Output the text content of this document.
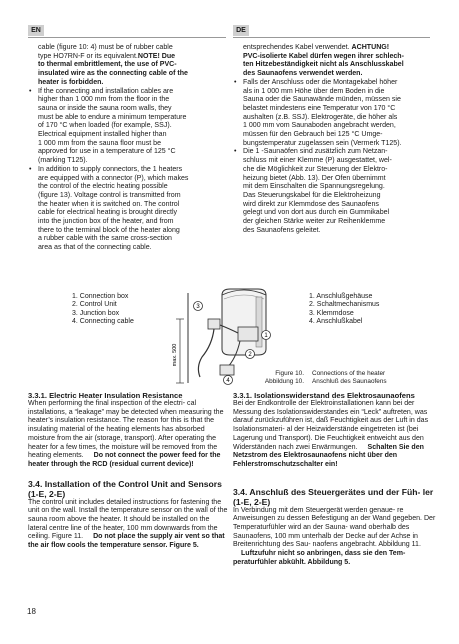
EN	DE

cable (figure 10: 4) must be of rubber cable
type HO7RN-F or its equivalent.NOTE! Due
to thermal embrittlement, the use of PVC-
insulated wire as the connecting cable of the
heater is forbidden.

• If the connecting and installation cables are
higher than 1 000 mm from the floor in the
sauna or inside the sauna room walls, they
must be able to endure a minimum temperature
of 170 °C when loaded (for example, SSJ).
Electrical equipment installed higher than
1 000 mm from the sauna floor must be
approved for use in a temperature of 125 °C
(marking T125).
• In addition to supply connectors, the 1 heaters
are equipped with a connector (P), which makes
the control of the electric heating possible
(figure 13). Voltage control is transmitted from
the heater when it is switched on. The control
cable for electrical heating is brought directly
into the junction box of the heater, and from
there to the terminal block of the heater along
a rubber cable with the same cross-section
area as that of the connecting cable.

entsprechendes Kabel verwendet. ACHTUNG!
PVC-isolierte Kabel dürfen wegen ihrer schlech-
ten Hitzebeständigkeit nicht als Anschlusskabel
des Saunaofens verwendet werden.

• Falls der Anschluss oder die Montagekabel höher
als in 1 000 mm Höhe über dem Boden in die
Sauna oder die Saunawände münden, müssen sie
belastet mindestens eine Temperatur von 170 °C
aushalten (z.B. SSJ). Elektrogeräte, die höher als
1 000 mm vom Saunaboden angebracht werden,
müssen für den Gebrauch bei 125 °C Umge-
bungstemperatur zugelassen sein (Vermerk T125).
• Die 1 -Saunaöfen sind zusätzlich zum Netzan-
schluss mit einer Klemme (P) ausgestattet, wel-
che die Möglichkeit zur Steuerung der Elektro-
heizung bietet (Abb. 13). Der Ofen übernimmt
mit dem Einschalten die Spannungsregelung.
Das Steuerungskabel für die Elektroheizung
wird direkt zur Klemmdose des Saunaofens
gelegt und von dort aus durch ein Gummikabel
der gleichen Stärke weiter zur Reihenklemme
des Saunaofens geleitet.
1. Connection box
2. Control Unit
3. Junction box
4. Connecting cable
1. Anschlußgehäuse
2. Schaltmechanismus
3. Klemmdose
4. Anschlußkabel
max. 500
1
2
3
4
Figure 10. Connections of the heater
Abbildung 10. Anschluß des Saunaofens
3.3.1. Electric Heater Insulation Resistance

When performing the final inspection of the electri- cal installations, a “leakage” may be detected when measuring the heater’s insulation resistance. The reason for this is that the insulating material of the heating elements has absorbed moisture from the air (storage, transport). After operating the heater for a few times, the moisture will be removed from the heating elements. Do not connect the power feed for the heater through the RCD (residual current device)!

3.4. Installation of the Control Unit and Sensors (1-E, 2-E)

The control unit includes detailed instructions for fastening the unit on the wall. Install the temperature sensor on the wall of the sauna room above the heater. It should be installed on the lateral centre line of the heater, 100 mm downwards from the ceiling. Figure 11. Do not place the supply air vent so that the air flow cools the temperature sensor. Figure 5.

3.3.1. Isolationswiderstand des Elektrosaunaofens

Bei der Endkontrolle der Elektroinstallationen kann bei der Messung des Isolationswiderstandes ein “Leck” auftreten, was darauf zurückzuführen ist, daß Feuchtigkeit aus der Luft in das Isolationsmateri- al der Heizwiderstände eingetreten ist (bei Lagerung und Transport). Die Feuchtigkeit entweicht aus den Widerständen nach zwei Erwärmungen. Schalten Sie den Netzstrom des Elektrosaunaofens nicht über den Fehlerstromschutzschalter ein!

3.4. Anschluß des Steuergerätes und der Füh- ler (1-E, 2-E)

In Verbindung mit dem Steuergerät werden genaue- re Anweisungen zu dessen Befestigung an der Wand gegeben. Der Temperaturfühler wird an der Sauna- wand oberhalb des Saunaofens, 100 mm unterhalb der Decke auf der Achse in Breitenrichtung des Sau- naofens angebracht. Abbildung 11. Luftzufuhr nicht so anbringen, dass sie den Tem- peraturfühler abkühlt. Abbildung 5.

18
